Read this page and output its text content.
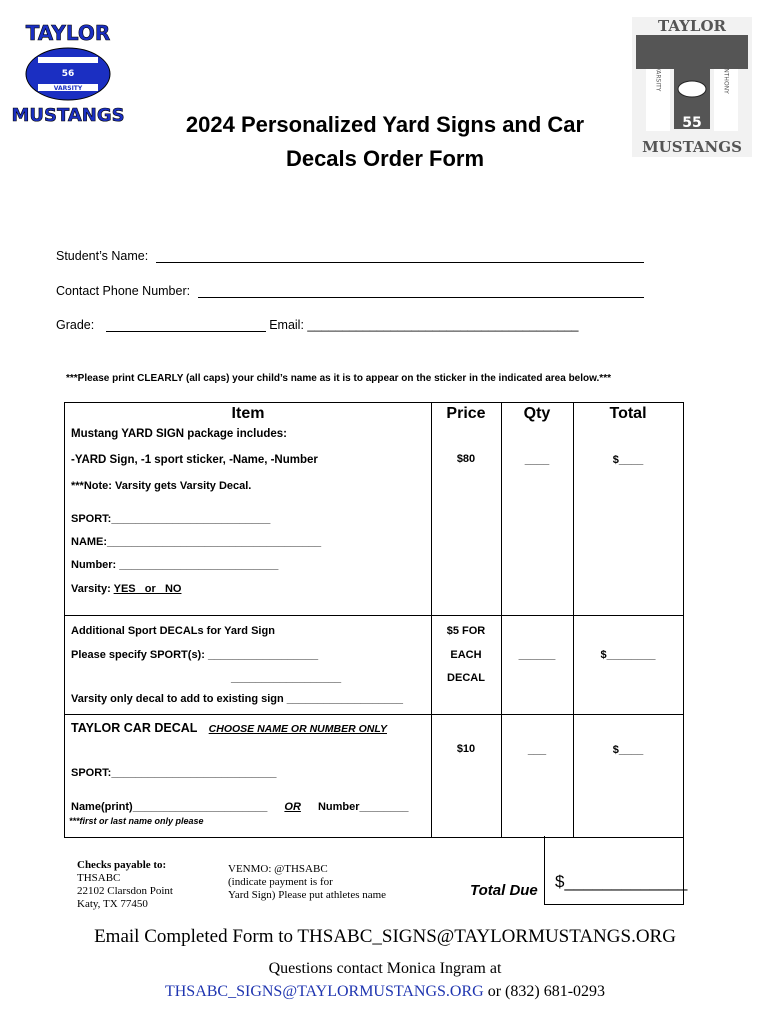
TAYLOR
56
VARSITY
MUSTANGS
TAYLOR
VARSITY	ANTHONY
55
MUSTANGS
2024 Personalized Yard Signs and Car
Decals Order Form
Student’s Name:
Contact Phone Number:
Grade:	Email: _______________________________________
***Please print CLEARLY (all caps) your child’s name as it is to appear on the sticker in the indicated area below.***
Item	Price	Qty	Total
Mustang YARD SIGN package includes:
-YARD Sign, -1 sport sticker, -Name, -Number
***Note: Varsity gets Varsity Decal.
$80	____	$____
SPORT:__________________________
NAME:___________________________________
Number: __________________________
Varsity: YES   or   NO
Additional Sport DECALs for Yard Sign
Please specify SPORT(s): __________________
__________________
Varsity only decal to add to existing sign ___________________
$5 FOR
EACH
DECAL
______	$________
TAYLOR CAR DECAL CHOOSE NAME OR NUMBER ONLY
$10	___	$____
SPORT:___________________________
Name(print)______________________ OR Number________
***first or last name only please
Checks payable to:
THSABC
22102 Clarsdon Point
Katy, TX 77450
VENMO: @THSABC
(indicate payment is for
Yard Sign) Please put athletes name	Total Due $_____________
Email Completed Form to THSABC_SIGNS@TAYLORMUSTANGS.ORG
Questions contact Monica Ingram at
THSABC_SIGNS@TAYLORMUSTANGS.ORG or (832) 681-0293
